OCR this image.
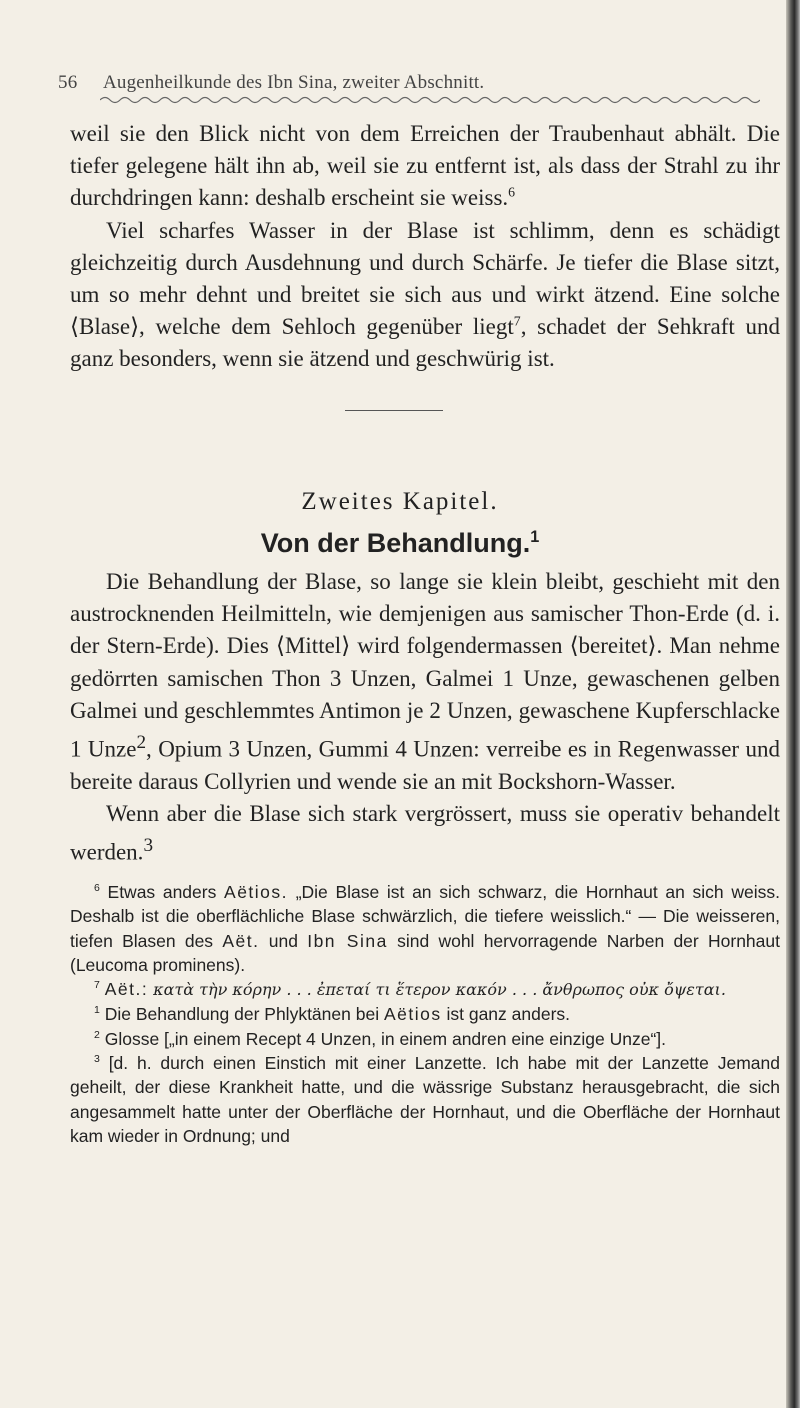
56 Augenheilkunde des Ibn Sina, zweiter Abschnitt.

weil sie den Blick nicht von dem Erreichen der Traubenhaut abhält. Die tiefer gelegene hält ihn ab, weil sie zu entfernt ist, als dass der Strahl zu ihr durchdringen kann: deshalb erscheint sie weiss.$^6$

Viel scharfes Wasser in der Blase ist schlimm, denn es schädigt gleichzeitig durch Ausdehnung und durch Schärfe. Je tiefer die Blase sitzt, um so mehr dehnt und breitet sie sich aus und wirkt ätzend. Eine solche ⟨Blase⟩, welche dem Sehloch gegenüber liegt$^7$, schadet der Sehkraft und ganz besonders, wenn sie ätzend und geschwürig ist.

Zweites Kapitel.
Von der Behandlung.$^1$

Die Behandlung der Blase, so lange sie klein bleibt, geschieht mit den austrocknenden Heilmitteln, wie demjenigen aus samischer Thon-Erde (d. i. der Stern-Erde). Dies ⟨Mittel⟩ wird folgendermassen ⟨bereitet⟩. Man nehme gedörrten samischen Thon 3 Unzen, Galmei 1 Unze, gewaschenen gelben Galmei und geschlemmtes Antimon je 2 Unzen, gewaschene Kupferschlacke 1 Unze$^2$, Opium 3 Unzen, Gummi 4 Unzen: verreibe es in Regenwasser und bereite daraus Collyrien und wende sie an mit Bockshorn-Wasser.

Wenn aber die Blase sich stark vergrössert, muss sie operativ behandelt werden.$^3$

$^6$ Etwas anders Aëtios. „Die Blase ist an sich schwarz, die Hornhaut an sich weiss. Deshalb ist die oberflächliche Blase schwärzlich, die tiefere weisslich.“ — Die weisseren, tiefen Blasen des Aët. und Ibn Sina sind wohl hervorragende Narben der Hornhaut (Leucoma prominens).

$^7$ Aët.: κατὰ τὴν κόρην . . . ἐπεταί τι ἕτερον κακόν . . . ἄνθρωπος οὐκ ὄψεται.

$^1$ Die Behandlung der Phlyktänen bei Aëtios ist ganz anders.

$^2$ Glosse [„in einem Recept 4 Unzen, in einem andren eine einzige Unze“].

$^3$ [d. h. durch einen Einstich mit einer Lanzette. Ich habe mit der Lanzette Jemand geheilt, der diese Krankheit hatte, und die wässrige Substanz herausgebracht, die sich angesammelt hatte unter der Oberfläche der Hornhaut, und die Oberfläche der Hornhaut kam wieder in Ordnung; und
